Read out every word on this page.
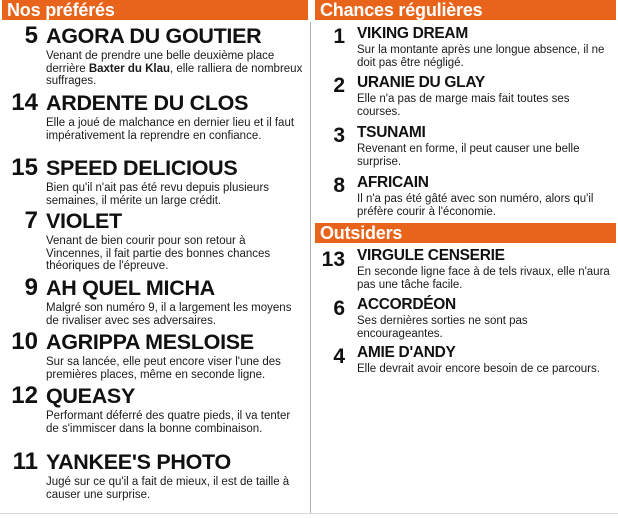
Nos préférés
5 AGORA DU GOUTIER
Venant de prendre une belle deuxième place derrière Baxter du Klau, elle ralliera de nombreux suffrages.
14 ARDENTE DU CLOS
Elle a joué de malchance en dernier lieu et il faut impérativement la reprendre en confiance.
15 SPEED DELICIOUS
Bien qu'il n'ait pas été revu depuis plusieurs semaines, il mérite un large crédit.
7 VIOLET
Venant de bien courir pour son retour à Vincennes, il fait partie des bonnes chances théoriques de l'épreuve.
9 AH QUEL MICHA
Malgré son numéro 9, il a largement les moyens de rivaliser avec ses adversaires.
10 AGRIPPA MESLOISE
Sur sa lancée, elle peut encore viser l'une des premières places, même en seconde ligne.
12 QUEASY
Performant déferré des quatre pieds, il va tenter de s'immiscer dans la bonne combinaison.
11 YANKEE'S PHOTO
Jugé sur ce qu'il a fait de mieux, il est de taille à causer une surprise.
Chances régulières
1 VIKING DREAM
Sur la montante après une longue absence, il ne doit pas être négligé.
2 URANIE DU GLAY
Elle n'a pas de marge mais fait toutes ses courses.
3 TSUNAMI
Revenant en forme, il peut causer une belle surprise.
8 AFRICAIN
Il n'a pas été gâté avec son numéro, alors qu'il préfère courir à l'économie.
Outsiders
13 VIRGULE CENSERIE
En seconde ligne face à de tels rivaux, elle n'aura pas une tâche facile.
6 ACCORDÉON
Ses dernières sorties ne sont pas encourageantes.
4 AMIE D'ANDY
Elle devrait avoir encore besoin de ce parcours.
